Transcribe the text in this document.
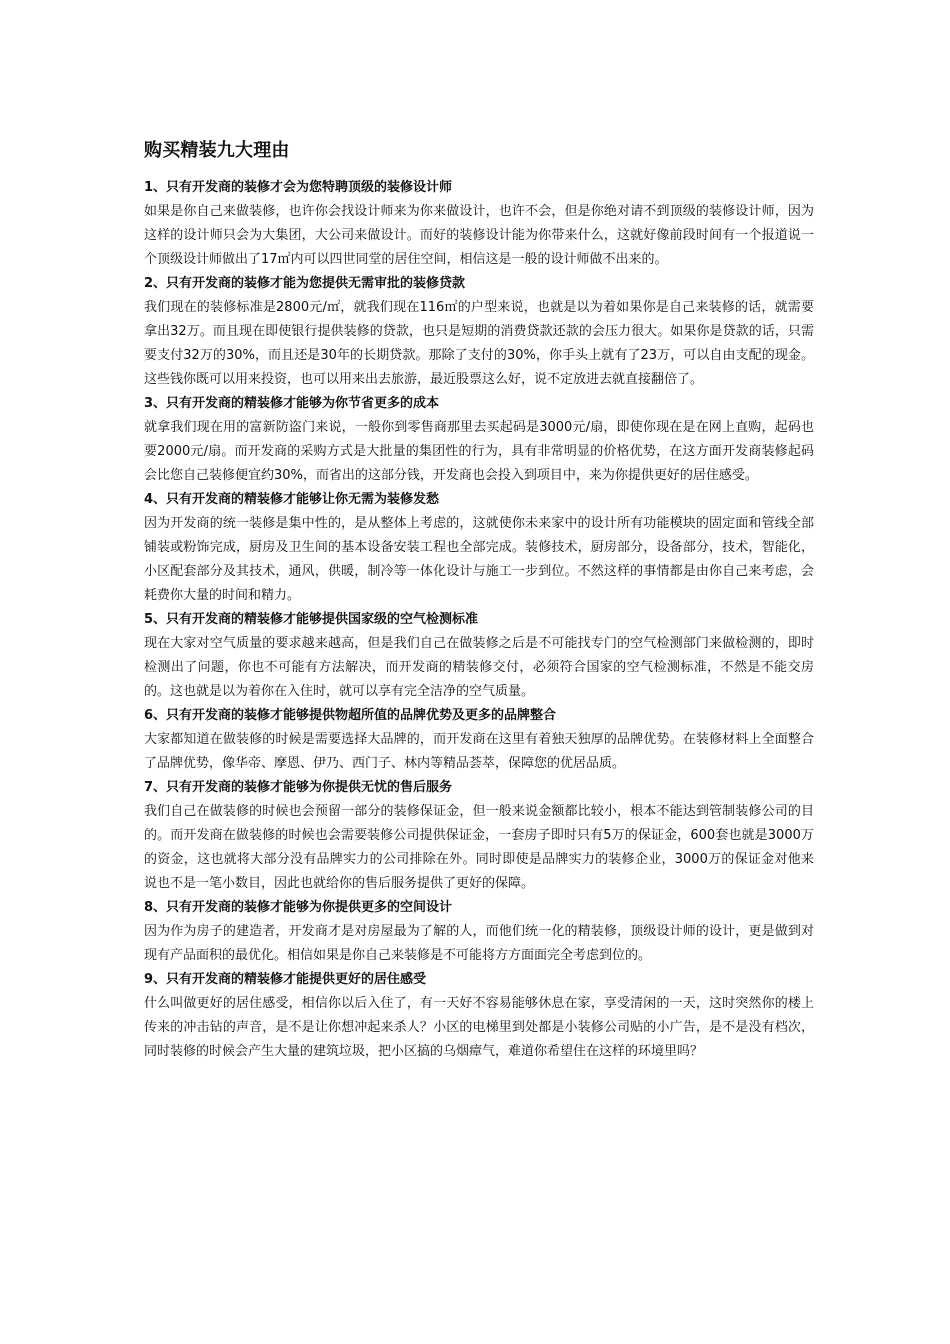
购买精装九大理由

1、只有开发商的装修才会为您特聘顶级的装修设计师

如果是你自己来做装修，也许你会找设计师来为你来做设计，也许不会，但是你绝对请不到顶级的装修设计师，因为这样的设计师只会为大集团，大公司来做设计。而好的装修设计能为你带来什么，这就好像前段时间有一个报道说一个顶级设计师做出了17㎡内可以四世同堂的居住空间，相信这是一般的设计师做不出来的。

2、只有开发商的装修才能为您提供无需审批的装修贷款

我们现在的装修标准是2800元/㎡，就我们现在116㎡的户型来说，也就是以为着如果你是自己来装修的话，就需要拿出32万。而且现在即使银行提供装修的贷款，也只是短期的消费贷款还款的会压力很大。如果你是贷款的话，只需要支付32万的30%，而且还是30年的长期贷款。那除了支付的30%，你手头上就有了23万，可以自由支配的现金。这些钱你既可以用来投资，也可以用来出去旅游，最近股票这么好，说不定放进去就直接翻倍了。

3、只有开发商的精装修才能够为你节省更多的成本

就拿我们现在用的富新防盗门来说，一般你到零售商那里去买起码是3000元/扇，即使你现在是在网上直购，起码也要2000元/扇。而开发商的采购方式是大批量的集团性的行为，具有非常明显的价格优势，在这方面开发商装修起码会比您自己装修便宜约30%，而省出的这部分钱，开发商也会投入到项目中，来为你提供更好的居住感受。

4、只有开发商的精装修才能够让你无需为装修发愁

因为开发商的统一装修是集中性的，是从整体上考虑的，这就使你未来家中的设计所有功能模块的固定面和管线全部铺装或粉饰完成，厨房及卫生间的基本设备安装工程也全部完成。装修技术，厨房部分，设备部分，技术，智能化，小区配套部分及其技术，通风，供暖，制冷等一体化设计与施工一步到位。不然这样的事情都是由你自己来考虑，会耗费你大量的时间和精力。

5、只有开发商的精装修才能够提供国家级的空气检测标准

现在大家对空气质量的要求越来越高，但是我们自己在做装修之后是不可能找专门的空气检测部门来做检测的，即时检测出了问题，你也不可能有方法解决，而开发商的精装修交付，必须符合国家的空气检测标准，不然是不能交房的。这也就是以为着你在入住时，就可以享有完全洁净的空气质量。

6、只有开发商的装修才能够提供物超所值的品牌优势及更多的品牌整合

大家都知道在做装修的时候是需要选择大品牌的，而开发商在这里有着独天独厚的品牌优势。在装修材料上全面整合了品牌优势，像华帝、摩恩、伊乃、西门子、林内等精品荟萃，保障您的优居品质。

7、只有开发商的装修才能够为你提供无忧的售后服务

我们自己在做装修的时候也会预留一部分的装修保证金，但一般来说金额都比较小，根本不能达到管制装修公司的目的。而开发商在做装修的时候也会需要装修公司提供保证金，一套房子即时只有5万的保证金，600套也就是3000万的资金，这也就将大部分没有品牌实力的公司排除在外。同时即使是品牌实力的装修企业，3000万的保证金对他来说也不是一笔小数目，因此也就给你的售后服务提供了更好的保障。

8、只有开发商的装修才能够为你提供更多的空间设计

因为作为房子的建造者，开发商才是对房屋最为了解的人，而他们统一化的精装修，顶级设计师的设计，更是做到对现有产品面积的最优化。相信如果是你自己来装修是不可能将方方面面完全考虑到位的。

9、只有开发商的精装修才能提供更好的居住感受

什么叫做更好的居住感受，相信你以后入住了，有一天好不容易能够休息在家，享受清闲的一天，这时突然你的楼上传来的冲击钻的声音，是不是让你想冲起来杀人？小区的电梯里到处都是小装修公司贴的小广告，是不是没有档次，同时装修的时候会产生大量的建筑垃圾，把小区搞的乌烟瘴气，难道你希望住在这样的环境里吗？
